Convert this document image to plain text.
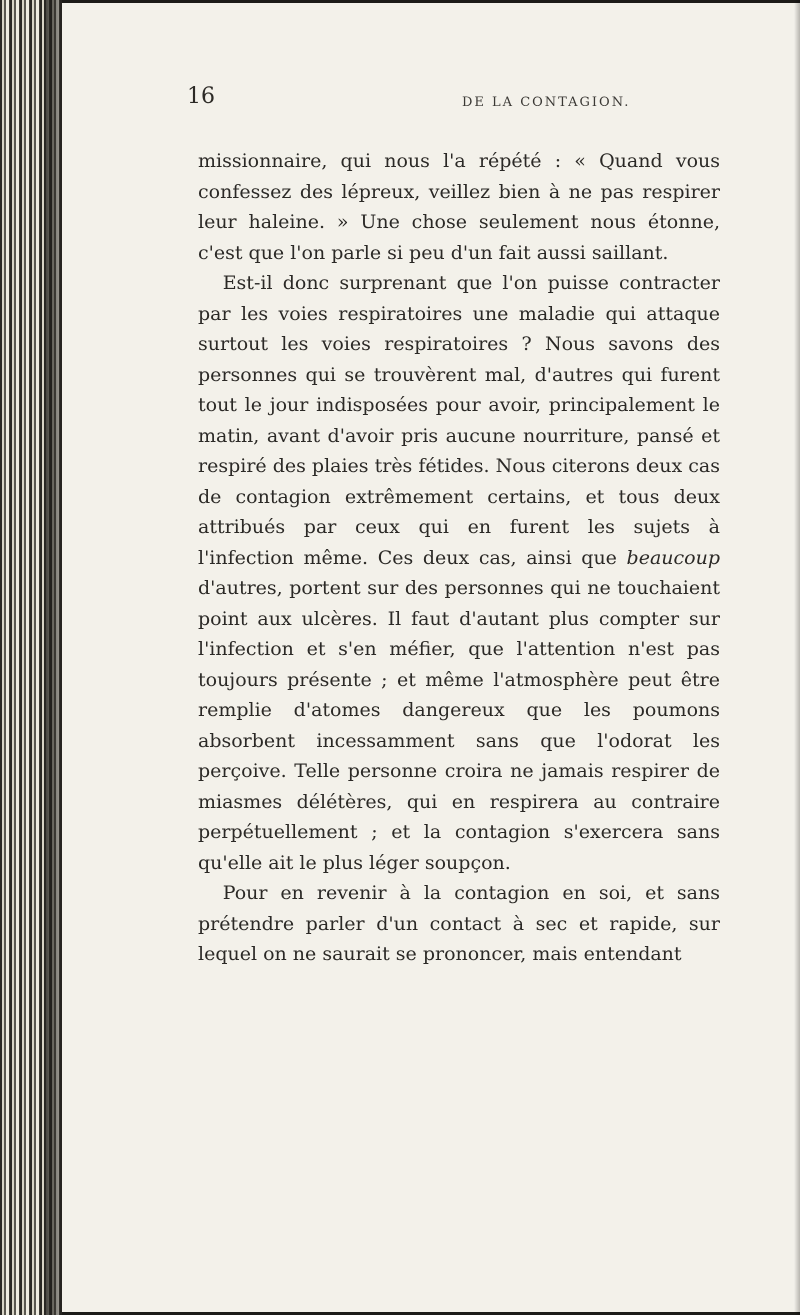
16	DE LA CONTAGION.

missionnaire, qui nous l'a répété : « Quand vous confessez des lépreux, veillez bien à ne pas respirer leur haleine. » Une chose seulement nous étonne, c'est que l'on parle si peu d'un fait aussi saillant.

Est-il donc surprenant que l'on puisse contracter par les voies respiratoires une maladie qui attaque surtout les voies respiratoires ? Nous savons des personnes qui se trouvèrent mal, d'autres qui furent tout le jour indisposées pour avoir, principalement le matin, avant d'avoir pris aucune nourriture, pansé et respiré des plaies très fétides. Nous citerons deux cas de contagion extrêmement certains, et tous deux attribués par ceux qui en furent les sujets à l'infection même. Ces deux cas, ainsi que beaucoup d'autres, portent sur des personnes qui ne touchaient point aux ulcères. Il faut d'autant plus compter sur l'infection et s'en méfier, que l'attention n'est pas toujours présente ; et même l'atmosphère peut être remplie d'atomes dangereux que les poumons absorbent incessamment sans que l'odorat les perçoive. Telle personne croira ne jamais respirer de miasmes délétères, qui en respirera au contraire perpétuellement ; et la contagion s'exercera sans qu'elle ait le plus léger soupçon.

Pour en revenir à la contagion en soi, et sans prétendre parler d'un contact à sec et rapide, sur lequel on ne saurait se prononcer, mais entendant
